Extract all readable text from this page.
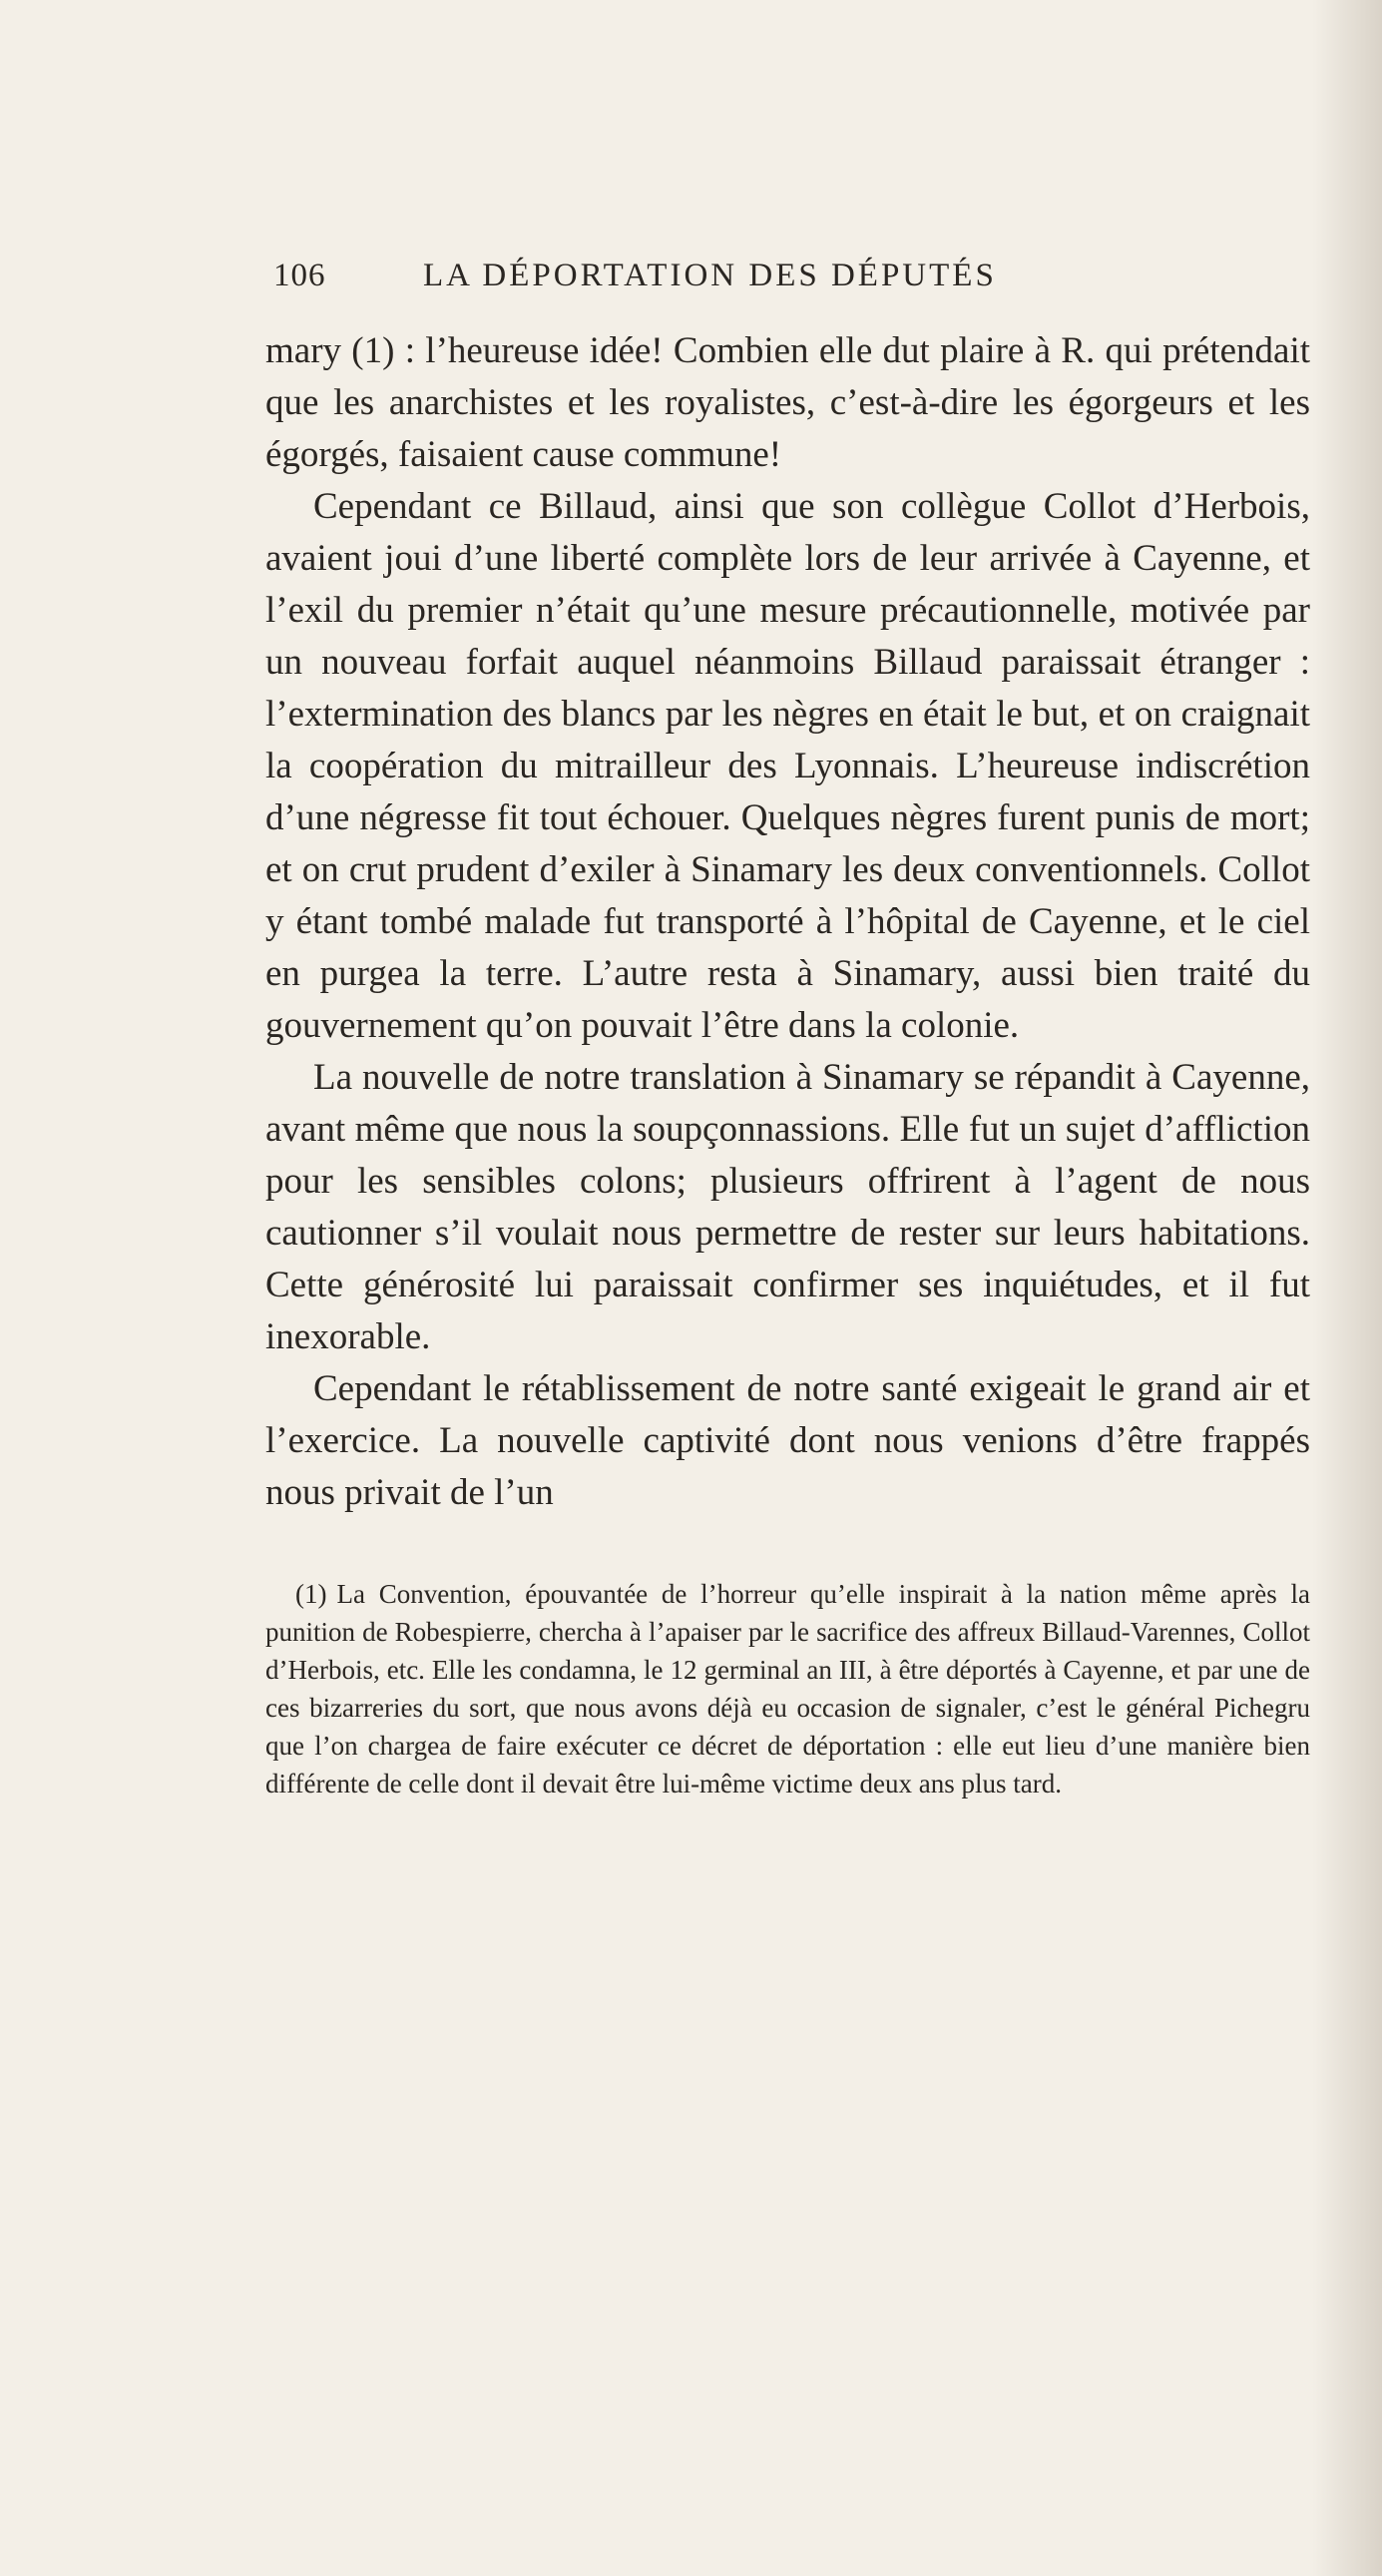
106	LA DÉPORTATION DES DÉPUTÉS

mary (1) : l’heureuse idée! Combien elle dut plaire à R. qui prétendait que les anarchistes et les royalistes, c’est-à-dire les égorgeurs et les égorgés, faisaient cause commune!

Cependant ce Billaud, ainsi que son collègue Collot d’Herbois, avaient joui d’une liberté complète lors de leur arrivée à Cayenne, et l’exil du premier n’était qu’une mesure précautionnelle, motivée par un nouveau forfait auquel néanmoins Billaud paraissait étranger : l’extermination des blancs par les nègres en était le but, et on craignait la coopération du mitrailleur des Lyonnais. L’heureuse indiscrétion d’une négresse fit tout échouer. Quelques nègres furent punis de mort; et on crut prudent d’exiler à Sinamary les deux conventionnels. Collot y étant tombé malade fut transporté à l’hôpital de Cayenne, et le ciel en purgea la terre. L’autre resta à Sinamary, aussi bien traité du gouvernement qu’on pouvait l’être dans la colonie.

La nouvelle de notre translation à Sinamary se répandit à Cayenne, avant même que nous la soupçonnassions. Elle fut un sujet d’affliction pour les sensibles colons; plusieurs offrirent à l’agent de nous cautionner s’il voulait nous permettre de rester sur leurs habitations. Cette générosité lui paraissait confirmer ses inquiétudes, et il fut inexorable.

Cependant le rétablissement de notre santé exigeait le grand air et l’exercice. La nouvelle captivité dont nous venions d’être frappés nous privait de l’un

(1) La Convention, épouvantée de l’horreur qu’elle inspirait à la nation même après la punition de Robespierre, chercha à l’apaiser par le sacrifice des affreux Billaud-Varennes, Collot d’Herbois, etc. Elle les condamna, le 12 germinal an III, à être déportés à Cayenne, et par une de ces bizarreries du sort, que nous avons déjà eu occasion de signaler, c’est le général Pichegru que l’on chargea de faire exécuter ce décret de déportation : elle eut lieu d’une manière bien différente de celle dont il devait être lui-même victime deux ans plus tard.
